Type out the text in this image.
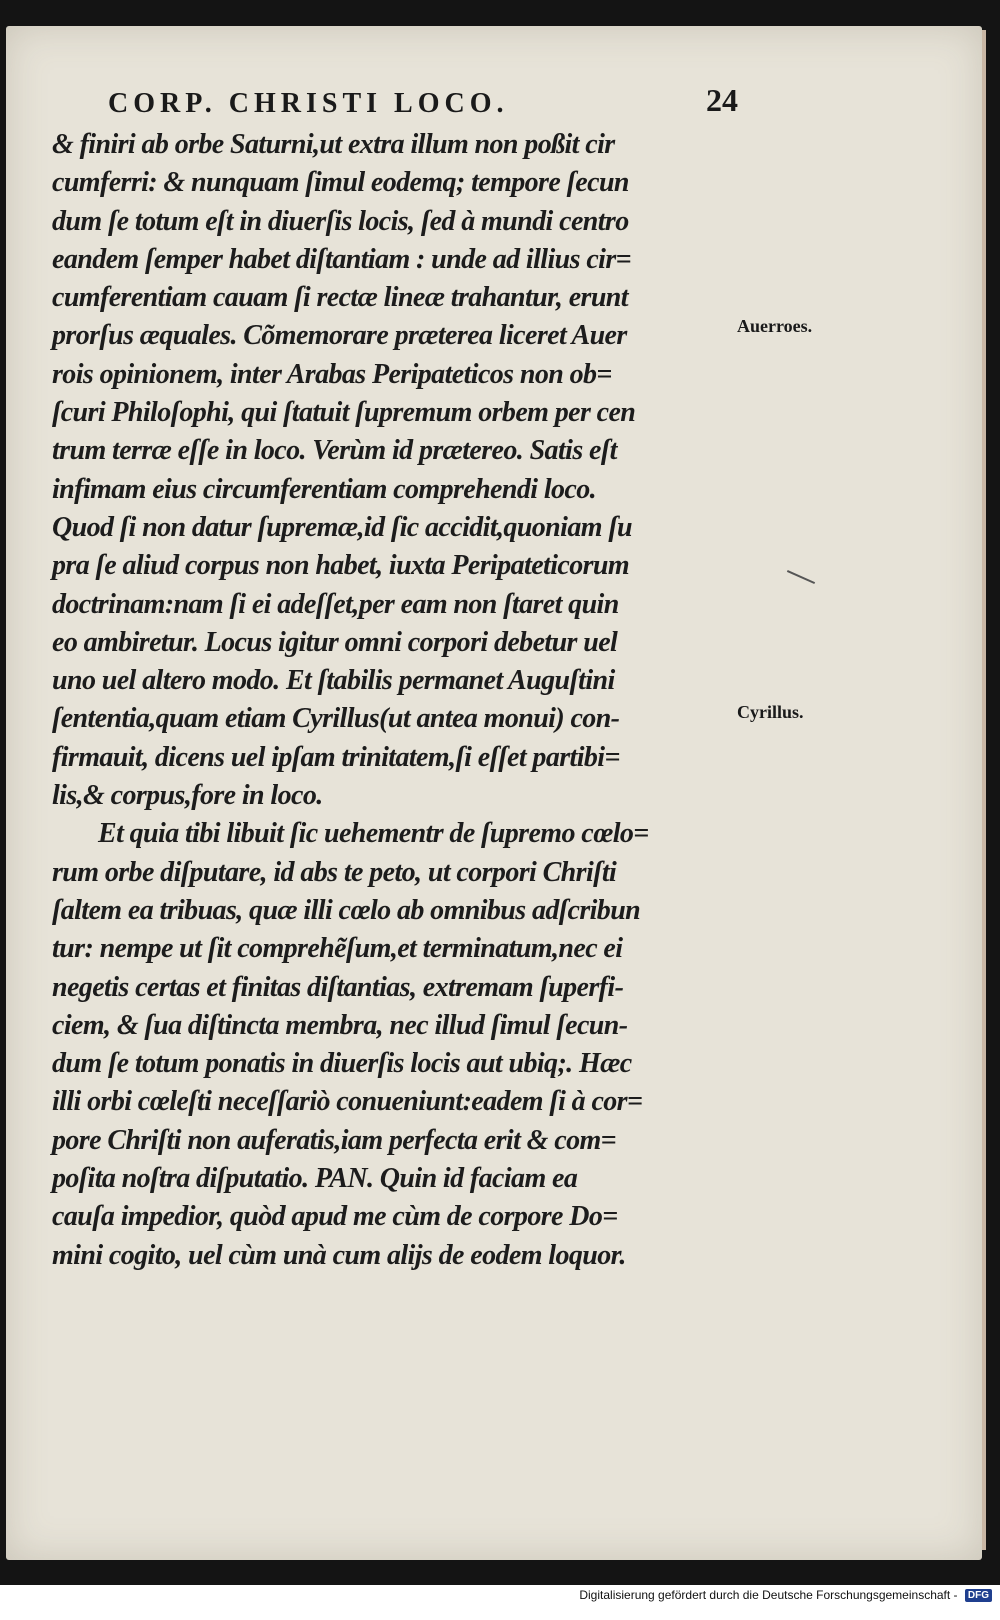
CORP. CHRISTI LOCO.	24
& finiri ab orbe Saturni,ut extra illum non poßit cir
cumferri: & nunquam ſimul eodemq; tempore ſecun
dum ſe totum eſt in diuerſis locis, ſed à mundi centro
eandem ſemper habet diſtantiam : unde ad illius cir=
cumferentiam cauam ſi rectæ lineæ trahantur, erunt
prorſus æquales. Cõmemorare præterea liceret Auer
rois opinionem, inter Arabas Peripateticos non ob=
ſcuri Philoſophi, qui ſtatuit ſupremum orbem per cen
trum terræ eſſe in loco. Verùm id prætereo. Satis eſt
infimam eius circumferentiam comprehendi loco.
Quod ſi non datur ſupremæ,id ſic accidit,quoniam ſu
pra ſe aliud corpus non habet, iuxta Peripateticorum
doctrinam:nam ſi ei adeſſet,per eam non ſtaret quin
eo ambiretur. Locus igitur omni corpori debetur uel
uno uel altero modo. Et ſtabilis permanet Auguſtini
ſententia,quam etiam Cyrillus(ut antea monui) con-
firmauit, dicens uel ipſam trinitatem,ſi eſſet partibi=
lis,& corpus,fore in loco.
Et quia tibi libuit ſic uehementr de ſupremo cœlo=
rum orbe diſputare, id abs te peto, ut corpori Chriſti
ſaltem ea tribuas, quæ illi cœlo ab omnibus adſcribun
tur: nempe ut ſit comprehẽſum,et terminatum,nec ei
negetis certas et finitas diſtantias, extremam ſuperfi-
ciem, & ſua diſtincta membra, nec illud ſimul ſecun-
dum ſe totum ponatis in diuerſis locis aut ubiq;. Hæc
illi orbi cœleſti neceſſariò conueniunt:eadem ſi à cor=
pore Chriſti non auferatis,iam perfecta erit & com=
poſita noſtra diſputatio. PAN. Quin id faciam ea
cauſa impedior, quòd apud me cùm de corpore Do=
mini cogito, uel cùm unà cum alijs de eodem loquor.
Auerroes.
Cyrillus.
Digitalisierung gefördert durch die Deutsche Forschungsgemeinschaft - DFG
